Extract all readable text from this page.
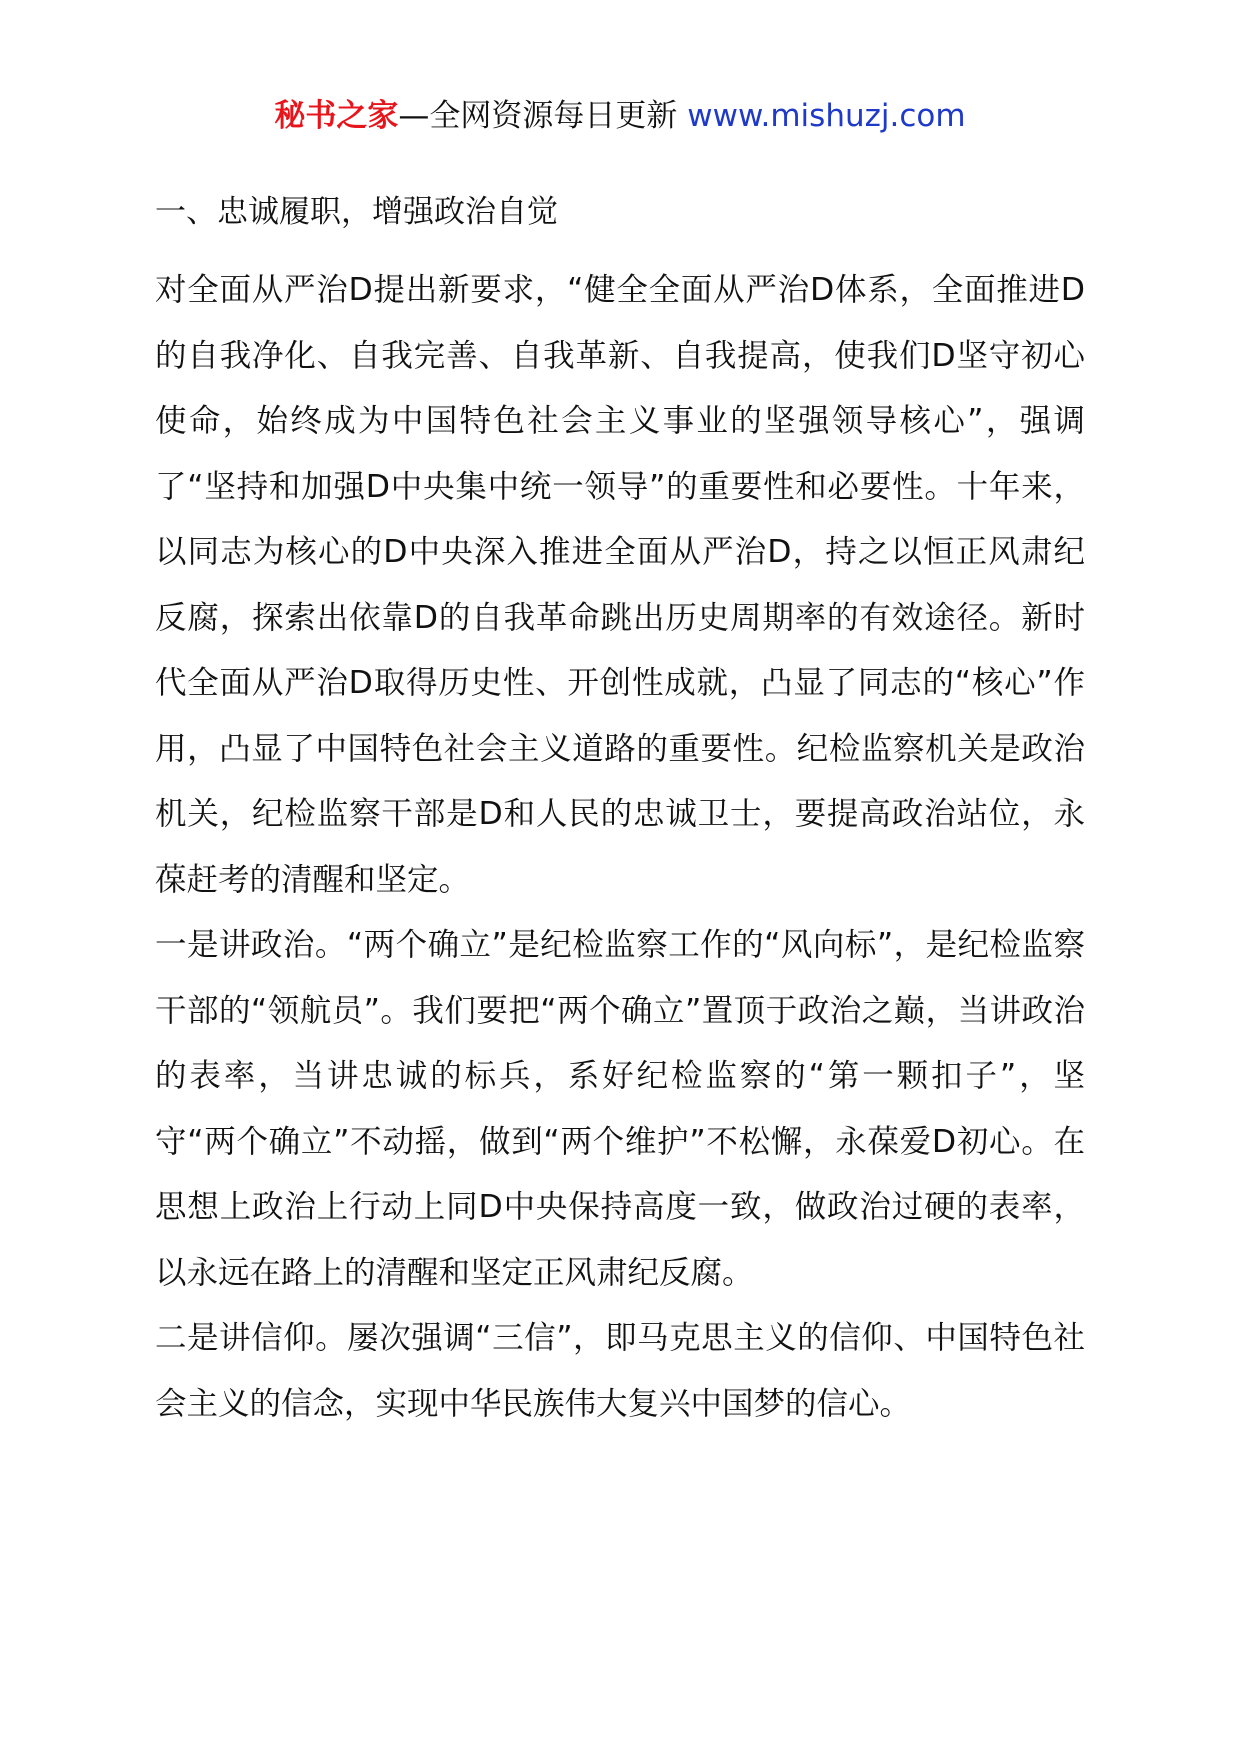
秘书之家—全网资源每日更新 www.mishuzj.com
一、忠诚履职，增强政治自觉

对全面从严治D提出新要求，“健全全面从严治D体系，全面推进D的自我净化、自我完善、自我革新、自我提高，使我们D坚守初心使命，始终成为中国特色社会主义事业的坚强领导核心”，强调了“坚持和加强D中央集中统一领导”的重要性和必要性。十年来，以同志为核心的D中央深入推进全面从严治D，持之以恒正风肃纪反腐，探索出依靠D的自我革命跳出历史周期率的有效途径。新时代全面从严治D取得历史性、开创性成就，凸显了同志的“核心”作用，凸显了中国特色社会主义道路的重要性。纪检监察机关是政治机关，纪检监察干部是D和人民的忠诚卫士，要提高政治站位，永葆赶考的清醒和坚定。

一是讲政治。“两个确立”是纪检监察工作的“风向标”，是纪检监察干部的“领航员”。我们要把“两个确立”置顶于政治之巅，当讲政治的表率，当讲忠诚的标兵，系好纪检监察的“第一颗扣子”，坚守“两个确立”不动摇，做到“两个维护”不松懈，永葆爱D初心。在思想上政治上行动上同D中央保持高度一致，做政治过硬的表率，以永远在路上的清醒和坚定正风肃纪反腐。

二是讲信仰。屡次强调“三信”，即马克思主义的信仰、中国特色社会主义的信念，实现中华民族伟大复兴中国梦的信心。
